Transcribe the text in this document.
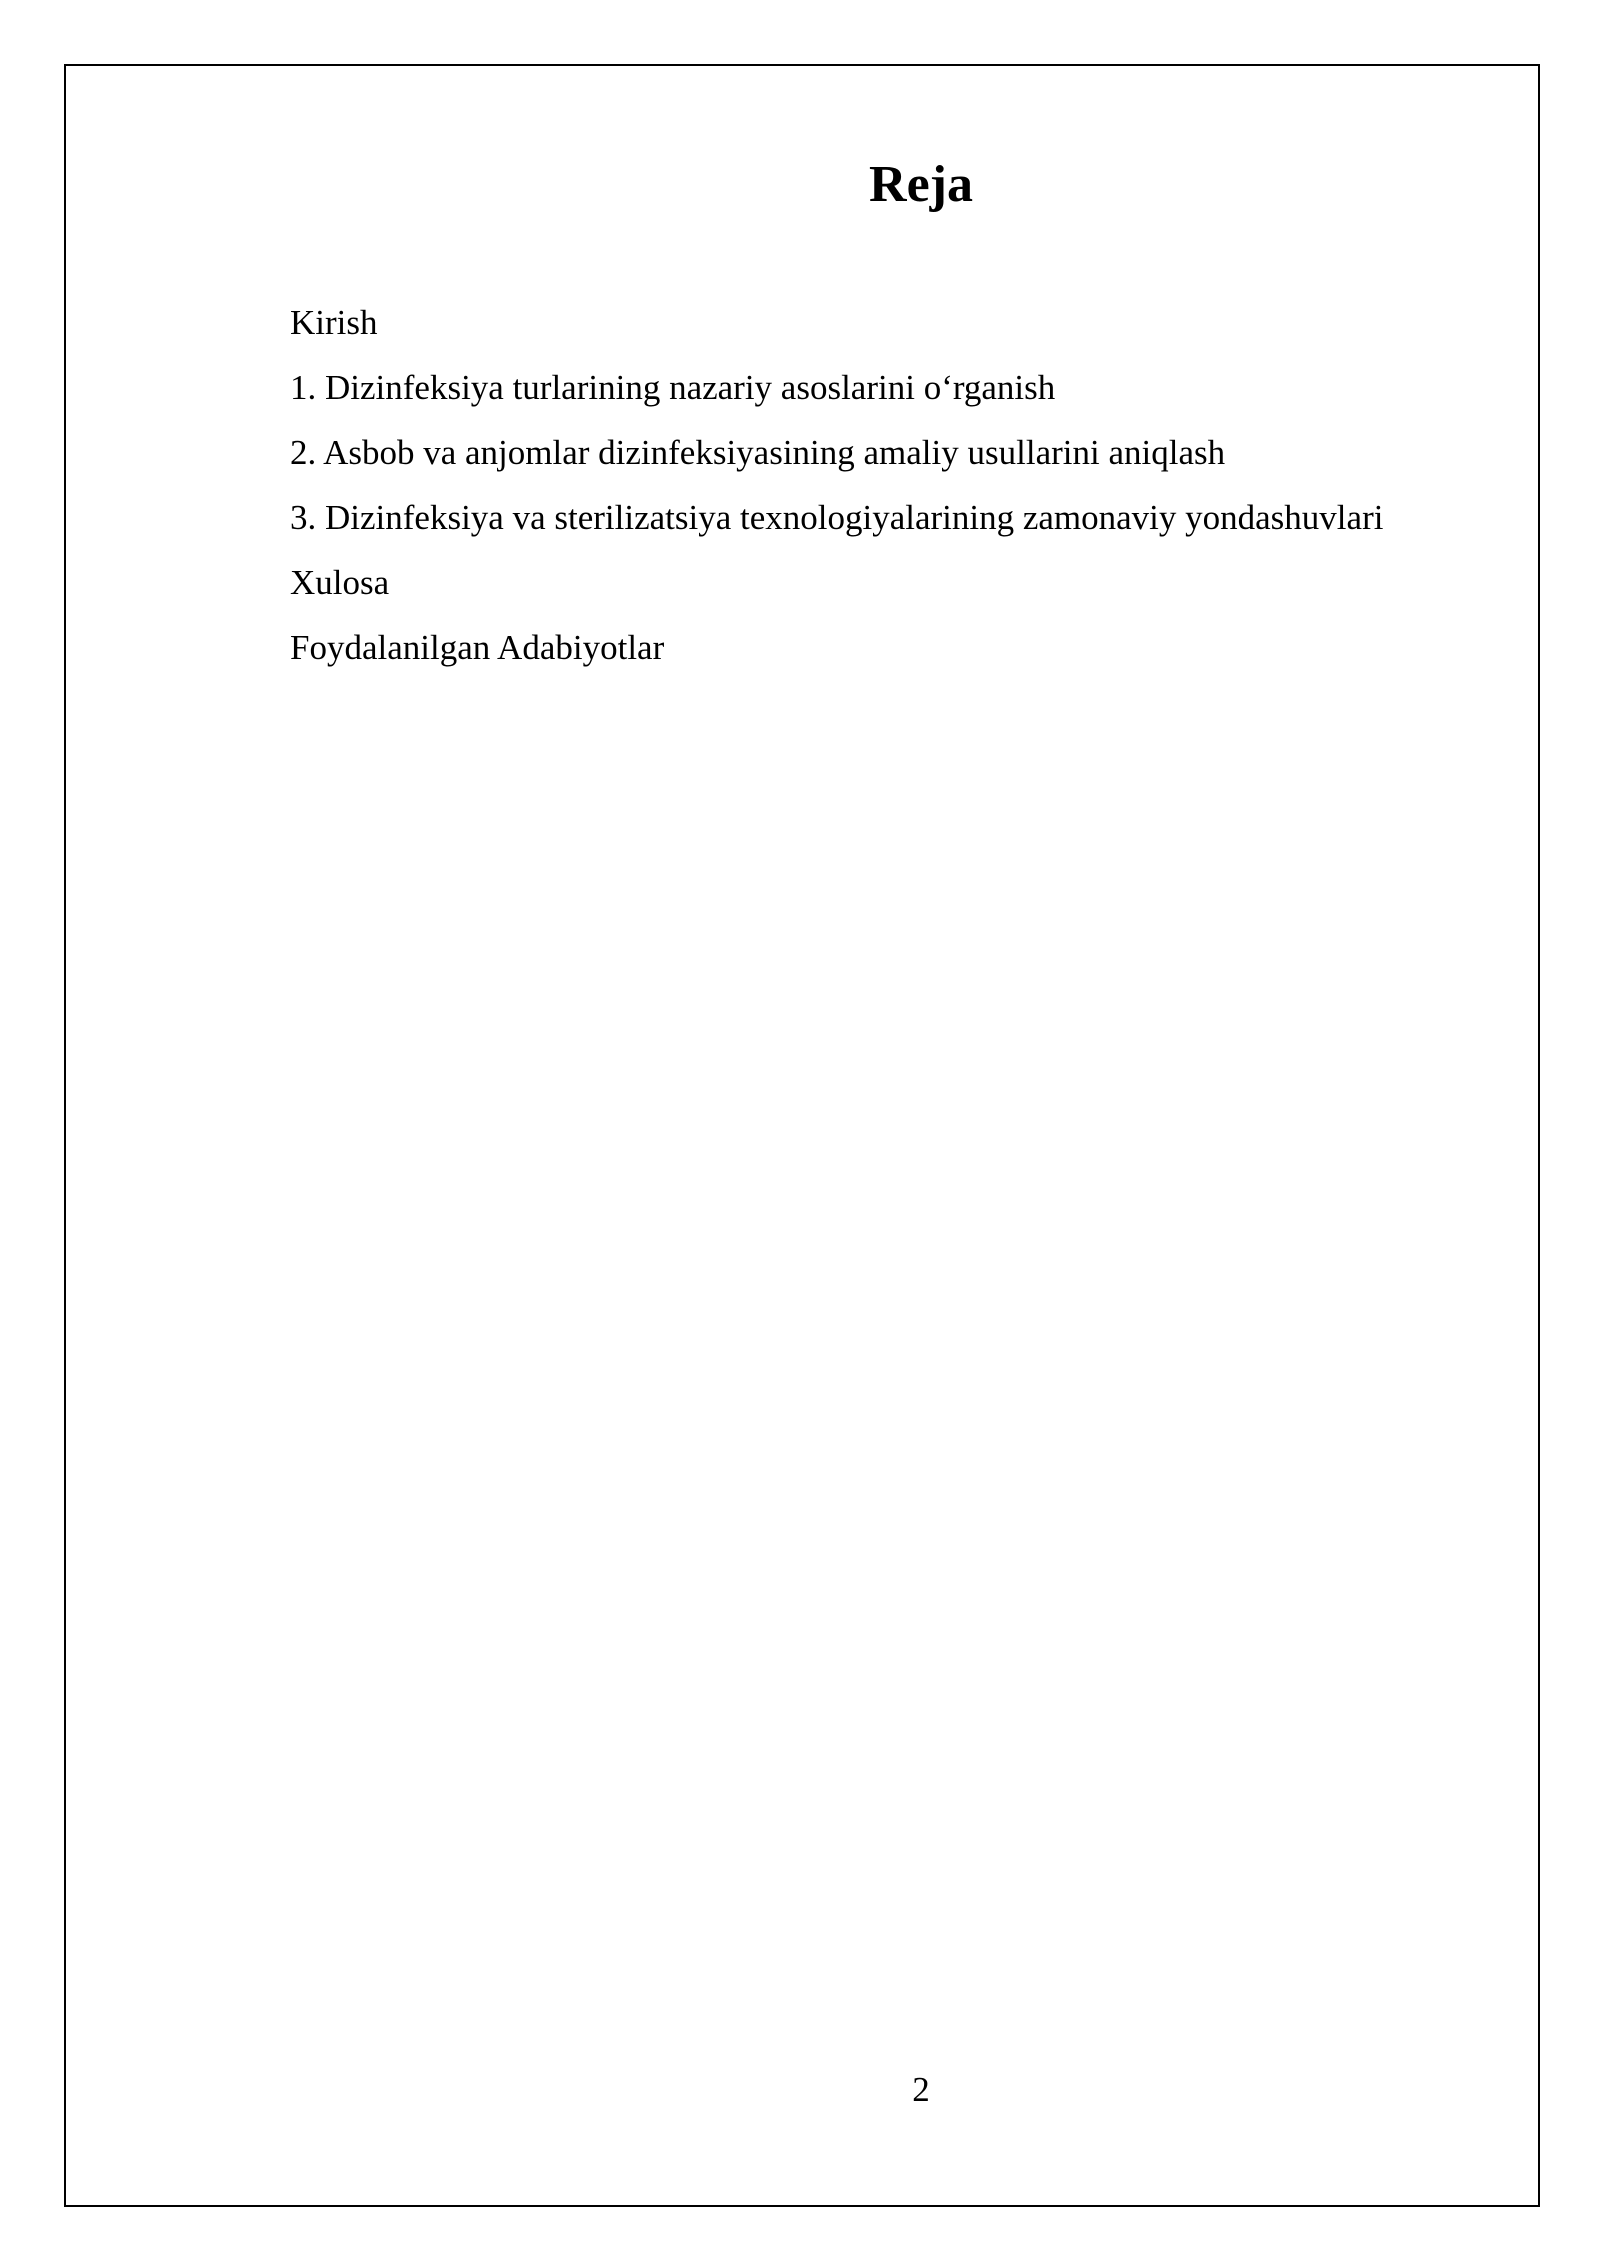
Reja
Kirish
1. Dizinfeksiya turlarining nazariy asoslarini o‘rganish
2. Asbob va anjomlar dizinfeksiyasining amaliy usullarini aniqlash
3. Dizinfeksiya va sterilizatsiya texnologiyalarining zamonaviy yondashuvlari
Xulosa
Foydalanilgan Adabiyotlar
2
